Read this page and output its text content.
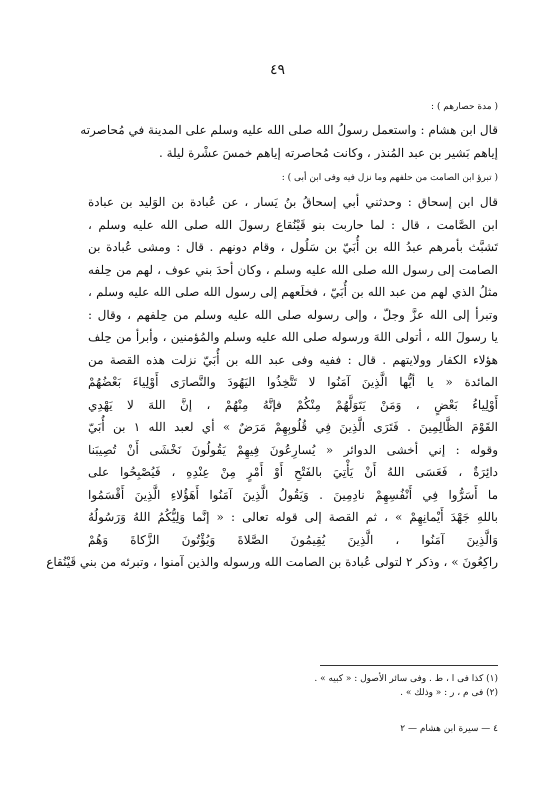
٤٩
( مدة حصارهم ) :
قال ابن هشام : واستعمل رسولُ الله صلى الله عليه وسلم على المدينة في مُحاصرته
إياهم بَشير بن عبد المُنذر ، وكانت مُحاصرته إياهم خمسَ عشْرة ليلة .
( تبرؤ ابن الصامت من حلفهم وما نزل فيه وفى ابن أبى ) :
قال ابن إسحاق : وحدثني أبي إسحاقُ بنُ يَسار ، عن عُبادة بن الوَليد بن عبادة
ابن الصَّامت ، قال : لما حاربت بنو قَيْنُقاع رسولَ الله صلى الله عليه وسلم ،
تَشبَّث بأمرهم عبدُ الله بن أُبَيّ بن سَلُول ، وقام دونهم . قال : ومشى عُبادة بن
الصامت إلى رسول الله صلى الله عليه وسلم ، وكان أحدَ بني عوف ، لهم من حِلفه
مثلُ الذي لهم من عبد الله بن أُبَيّ ، فخلَعهم إلى رسول الله صلى الله عليه وسلم ،
وتبرأ إلى الله عزَّ وجلّ ، وإلى رسوله صلى الله عليه وسلم من حِلفهم ، وقال :
يا رسولَ الله ، أتولى اللهَ ورسوله صلى الله عليه وسلم والمُؤمنين ، وأبرأ من حِلف
هؤلاء الكفار وولايتهم . قال : ففيه وفى عبد الله بن أُبَيّ نزلت هذه القصة من
المائدة « يا أيُّها الَّذِينَ آمَنُوا لا تَتَّخِذُوا اليَهُودَ والنَّصارَى أَوْلِياءَ بَعْضُهُمْ
أَوْلِياءُ بَعْضٍ ، وَمَنْ يَتَوَلَّهُمْ مِنْكُمْ فإنَّهُ مِنْهُمْ ، إنَّ اللهَ لا يَهْدِي
القَوْمَ الظَّالِمِينَ . فَتَرَى الَّذِينَ فِي قُلُوبِهِمْ مَرَضٌ » أي لعبد الله ١ بن أُبَيّ
وقوله : إني أخشى الدوائر « يُسارِعُونَ فِيهِمْ يَقُولُونَ نَخْشَى أَنْ تُصِيبَنا
دائِرَةٌ ، فَعَسَى اللهُ أَنْ يَأْتِيَ بالفَتْحِ أَوْ أَمْرٍ مِنْ عِنْدِهِ ، فَيُصْبِحُوا على
ما أَسَرُّوا فِي أَنْفُسِهِمْ نادِمِينَ . وَيَقُولُ الَّذِينَ آمَنُوا أَهَؤُلاءِ الَّذِينَ أَقْسَمُوا
باللهِ جَهْدَ أَيْمانِهِمْ » ، ثم القصة إلى قوله تعالى : « إنَّما وَلِيُّكُمُ اللهُ وَرَسُولُهُ
وَالَّذِينَ آمَنُوا ، الَّذِينَ يُقِيمُونَ الصَّلاةَ وَيُؤْتُونَ الزَّكاةَ وَهُمْ
راكِعُونَ » ، وذكر ٢ لتولى عُبادة بن الصامت الله ورسوله والذين آمنوا ، وتبرئه من بني قَيْنُقاع
(١) كذا فى ا ، ط . وفى سائر الأصول : « كبيه » .
(٢) فى م ، ر : « وذلك » .
٤ — سيرة ابن هشام — ٢
